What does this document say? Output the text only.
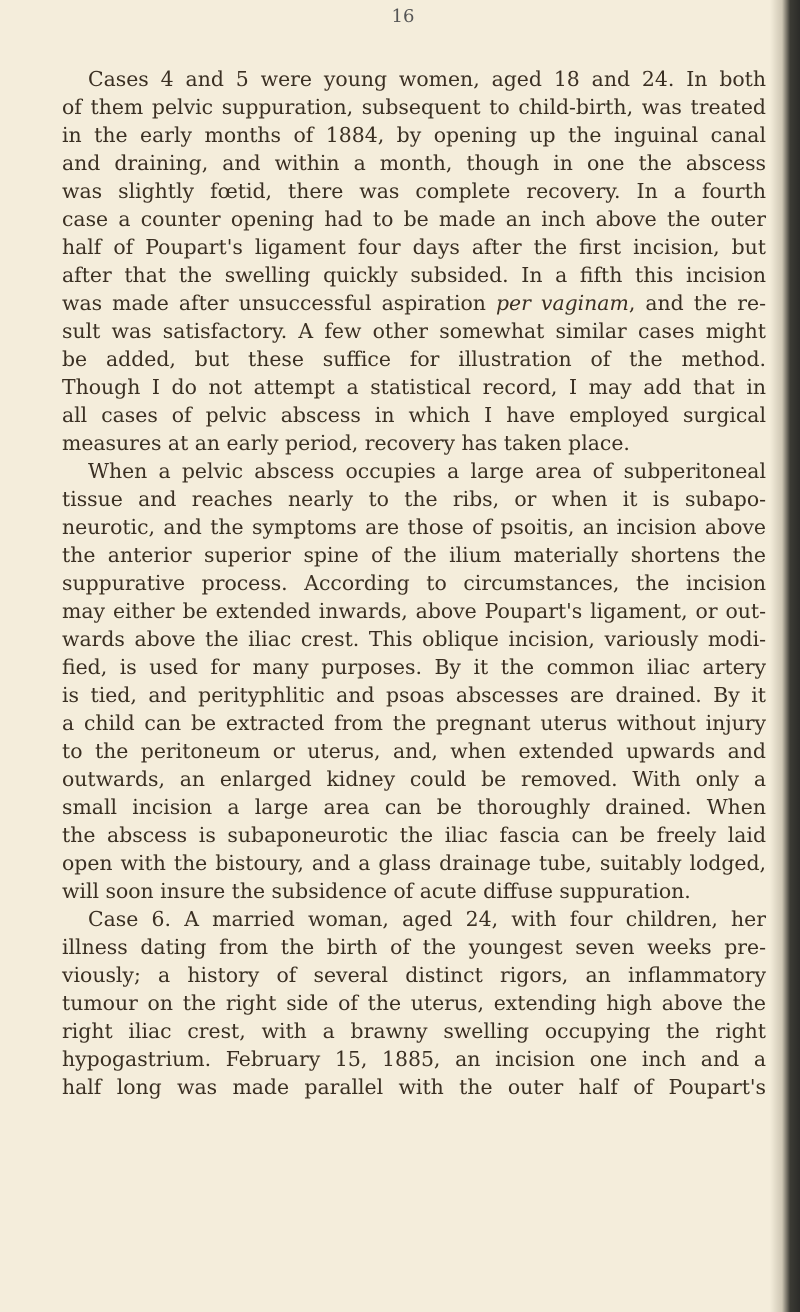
16
Cases 4 and 5 were young women, aged 18 and 24. In both
of them pelvic suppuration, subsequent to child-birth, was treated
in the early months of 1884, by opening up the inguinal canal
and draining, and within a month, though in one the abscess
was slightly fœtid, there was complete recovery. In a fourth
case a counter opening had to be made an inch above the outer
half of Poupart's ligament four days after the first incision, but
after that the swelling quickly subsided. In a fifth this incision
was made after unsuccessful aspiration per vaginam, and the re-
sult was satisfactory. A few other somewhat similar cases might
be added, but these suffice for illustration of the method.
Though I do not attempt a statistical record, I may add that in
all cases of pelvic abscess in which I have employed surgical
measures at an early period, recovery has taken place.
When a pelvic abscess occupies a large area of subperitoneal
tissue and reaches nearly to the ribs, or when it is subapo-
neurotic, and the symptoms are those of psoitis, an incision above
the anterior superior spine of the ilium materially shortens the
suppurative process. According to circumstances, the incision
may either be extended inwards, above Poupart's ligament, or out-
wards above the iliac crest. This oblique incision, variously modi-
fied, is used for many purposes. By it the common iliac artery
is tied, and perityphlitic and psoas abscesses are drained. By it
a child can be extracted from the pregnant uterus without injury
to the peritoneum or uterus, and, when extended upwards and
outwards, an enlarged kidney could be removed. With only a
small incision a large area can be thoroughly drained. When
the abscess is subaponeurotic the iliac fascia can be freely laid
open with the bistoury, and a glass drainage tube, suitably lodged,
will soon insure the subsidence of acute diffuse suppuration.
Case 6. A married woman, aged 24, with four children, her
illness dating from the birth of the youngest seven weeks pre-
viously; a history of several distinct rigors, an inflammatory
tumour on the right side of the uterus, extending high above the
right iliac crest, with a brawny swelling occupying the right
hypogastrium. February 15, 1885, an incision one inch and a
half long was made parallel with the outer half of Poupart's
